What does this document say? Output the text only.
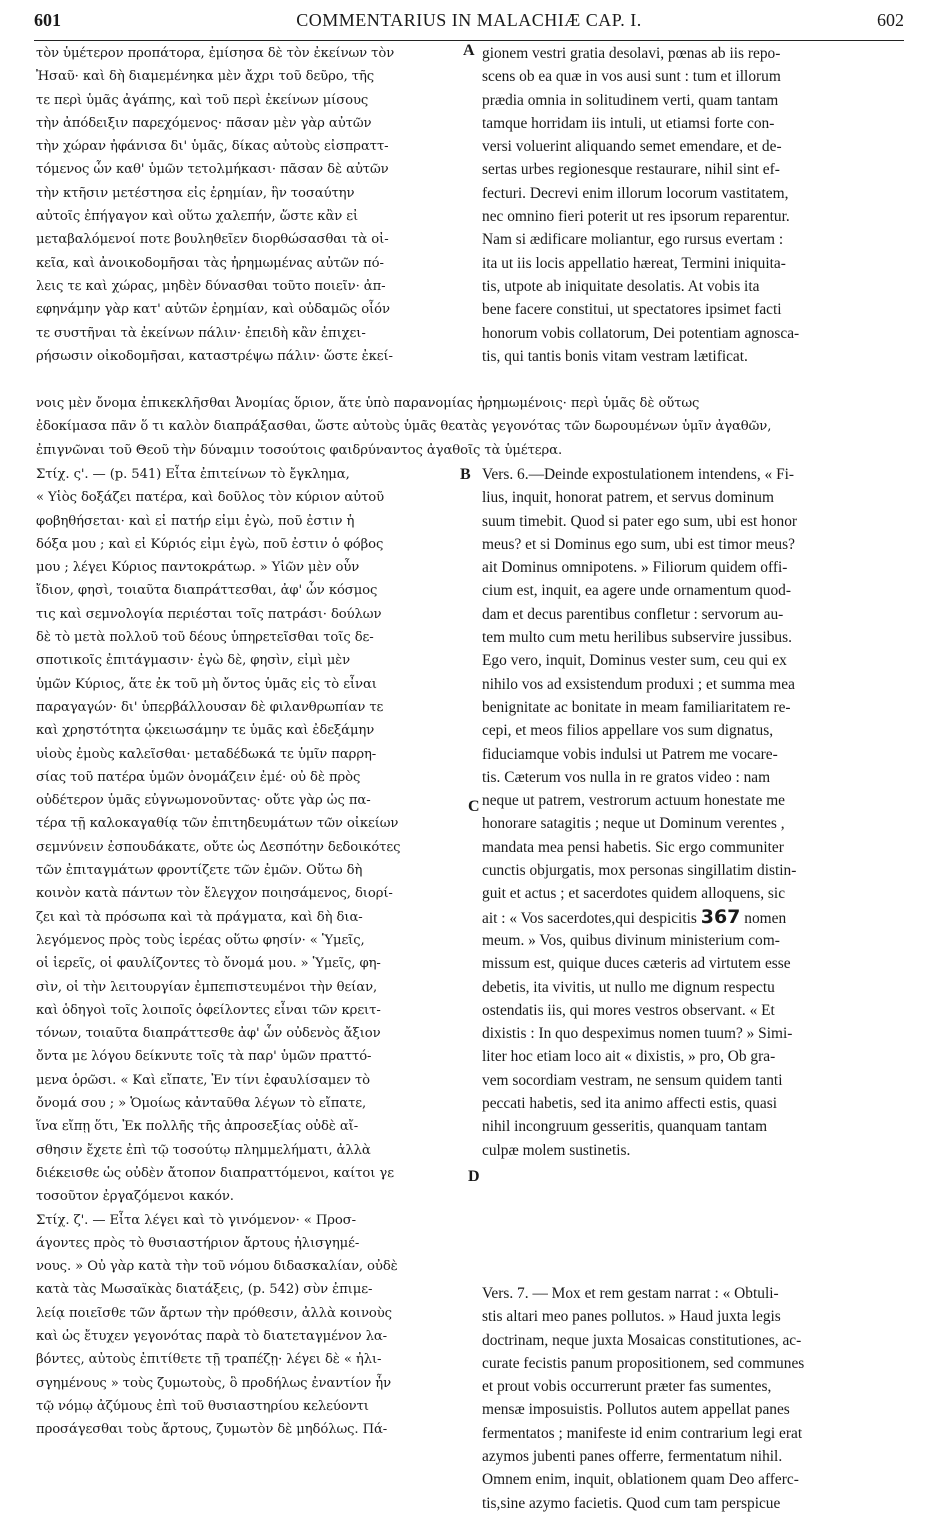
601	COMMENTARIUS IN MALACHIÆ CAP. I.	602
τὸν ὑμέτερον προπάτορα, ἐμίσησα δὲ τὸν ἐκείνων τὸν
Ἠσαῦ· καὶ δὴ διαμεμένηκα μὲν ἄχρι τοῦ δεῦρο, τῆς
τε περὶ ὑμᾶς ἀγάπης, καὶ τοῦ περὶ ἐκείνων μίσους
τὴν ἀπόδειξιν παρεχόμενος· πᾶσαν μὲν γὰρ αὐτῶν
τὴν χώραν ἠφάνισα δι' ὑμᾶς, δίκας αὐτοὺς εἰσπραττ-
τόμενος ὧν καθ' ὑμῶν τετολμήκασι· πᾶσαν δὲ αὐτῶν
τὴν κτῆσιν μετέστησα εἰς ἐρημίαν, ἣν τοσαύτην
αὐτοῖς ἐπήγαγον καὶ οὕτω χαλεπήν, ὥστε κἂν εἰ
μεταβαλόμενοί ποτε βουληθεῖεν διορθώσασθαι τὰ οἰ-
κεῖα, καὶ ἀνοικοδομῆσαι τὰς ἠρημωμένας αὐτῶν πό-
λεις τε καὶ χώρας, μηδὲν δύνασθαι τοῦτο ποιεῖν· ἀπ-
εφηνάμην γὰρ κατ' αὐτῶν ἐρημίαν, καὶ οὐδαμῶς οἷόν
τε συστῆναι τὰ ἐκείνων πάλιν· ἐπειδὴ κἂν ἐπιχει-
ρήσωσιν οἰκοδομῆσαι, καταστρέψω πάλιν· ὥστε ἐκεί-
gionem vestri gratia desolavi, pœnas ab iis repo-
scens ob ea quæ in vos ausi sunt : tum et illorum
prædia omnia in solitudinem verti, quam tantam
tamque horridam iis intuli, ut etiamsi forte con-
versi voluerint aliquando semet emendare, et de-
sertas urbes regionesque restaurare, nihil sint ef-
fecturi. Decrevi enim illorum locorum vastitatem,
nec omnino fieri poterit ut res ipsorum reparentur.
Nam si ædificare moliantur, ego rursus evertam :
ita ut iis locis appellatio hæreat, Termini iniquita-
tis, utpote ab iniquitate desolatis. At vobis ita
bene facere constitui, ut spectatores ipsimet facti
honorum vobis collatorum, Dei potentiam agnosca-
tis, qui tantis bonis vitam vestram lætificat.
νοις μὲν ὄνομα ἐπικεκλῆσθαι Ἀνομίας ὅριον, ἅτε ὑπὸ παρανομίας ἠρημωμένοις· περὶ ὑμᾶς δὲ οὕτως
ἐδοκίμασα πᾶν ὅ τι καλὸν διαπράξασθαι, ὥστε αὐτοὺς ὑμᾶς θεατὰς γεγονότας τῶν δωρουμένων ὑμῖν ἀγαθῶν,
ἐπιγνῶναι τοῦ Θεοῦ τὴν δύναμιν τοσούτοις φαιδρύναντος ἀγαθοῖς τὰ ὑμέτερα.
Στίχ. ς'. — (p. 541) Εἶτα ἐπιτείνων τὸ ἔγκλημα,
« Υἱὸς δοξάζει πατέρα, καὶ δοῦλος τὸν κύριον αὐτοῦ
φοβηθήσεται· καὶ εἰ πατήρ εἰμι ἐγὼ, ποῦ ἐστιν ἡ
δόξα μου ; καὶ εἰ Κύριός εἰμι ἐγὼ, ποῦ ἐστιν ὁ φόβος
μου ; λέγει Κύριος παντοκράτωρ. » Υἱῶν μὲν οὖν
ἴδιον, φησὶ, τοιαῦτα διαπράττεσθαι, ἀφ' ὧν κόσμος
τις καὶ σεμνολογία περιέσται τοῖς πατράσι· δούλων
δὲ τὸ μετὰ πολλοῦ τοῦ δέους ὑπηρετεῖσθαι τοῖς δε-
σποτικοῖς ἐπιτάγμασιν· ἐγὼ δὲ, φησὶν, εἰμὶ μὲν
ὑμῶν Κύριος, ἅτε ἐκ τοῦ μὴ ὄντος ὑμᾶς εἰς τὸ εἶναι
παραγαγών· δι' ὑπερβάλλουσαν δὲ φιλανθρωπίαν τε
καὶ χρηστότητα ᾠκειωσάμην τε ὑμᾶς καὶ ἐδεξάμην
υἱοὺς ἐμοὺς καλεῖσθαι· μεταδέδωκά τε ὑμῖν παρρη-
σίας τοῦ πατέρα ὑμῶν ὀνομάζειν ἐμέ· οὐ δὲ πρὸς
οὐδέτερον ὑμᾶς εὐγνωμονοῦντας· οὔτε γὰρ ὡς πα-
τέρα τῇ καλοκαγαθίᾳ τῶν ἐπιτηδευμάτων τῶν οἰκείων
σεμνύνειν ἐσπουδάκατε, οὔτε ὡς Δεσπότην δεδοικότες
τῶν ἐπιταγμάτων φροντίζετε τῶν ἐμῶν. Οὕτω δὴ
κοινὸν κατὰ πάντων τὸν ἔλεγχον ποιησάμενος, διορί-
ζει καὶ τὰ πρόσωπα καὶ τὰ πράγματα, καὶ δὴ δια-
λεγόμενος πρὸς τοὺς ἱερέας οὕτω φησίν· « Ὑμεῖς,
οἱ ἱερεῖς, οἱ φαυλίζοντες τὸ ὄνομά μου. » Ὑμεῖς, φη-
σὶν, οἱ τὴν λειτουργίαν ἐμπεπιστευμένοι τὴν θείαν,
καὶ ὁδηγοὶ τοῖς λοιποῖς ὀφείλοντες εἶναι τῶν κρειτ-
τόνων, τοιαῦτα διαπράττεσθε ἀφ' ὧν οὐδενὸς ἄξιον
ὄντα με λόγου δείκνυτε τοῖς τὰ παρ' ὑμῶν πραττό-
μενα ὁρῶσι. « Καὶ εἴπατε, Ἐν τίνι ἐφαυλίσαμεν τὸ
ὄνομά σου ; » Ὁμοίως κἀνταῦθα λέγων τὸ εἴπατε,
ἵνα εἴπῃ ὅτι, Ἐκ πολλῆς τῆς ἀπροσεξίας οὐδὲ αἴ-
σθησιν ἔχετε ἐπὶ τῷ τοσούτῳ πλημμελήματι, ἀλλὰ
διέκεισθε ὡς οὐδὲν ἄτοπον διαπραττόμενοι, καίτοι γε
τοσοῦτον ἐργαζόμενοι κακόν.
Στίχ. ζ'. — Εἶτα λέγει καὶ τὸ γινόμενον· « Προσ-
άγοντες πρὸς τὸ θυσιαστήριον ἄρτους ἠλισγημέ-
νους. » Οὐ γὰρ κατὰ τὴν τοῦ νόμου διδασκαλίαν, οὐδὲ
κατὰ τὰς Μωσαϊκὰς διατάξεις, (p. 542) σὺν ἐπιμε-
λείᾳ ποιεῖσθε τῶν ἄρτων τὴν πρόθεσιν, ἀλλὰ κοινοὺς
καὶ ὡς ἔτυχεν γεγονότας παρὰ τὸ διατεταγμένον λα-
βόντες, αὐτοὺς ἐπιτίθετε τῇ τραπέζῃ· λέγει δὲ « ἠλι-
σγημένους » τοὺς ζυμωτοὺς, ὃ προδήλως ἐναντίον ἦν
τῷ νόμῳ ἀζύμους ἐπὶ τοῦ θυσιαστηρίου κελεύοντι
προσάγεσθαι τοὺς ἄρτους, ζυμωτὸν δὲ μηδόλως. Πά-
Vers. 6.—Deinde expostulationem intendens, « Fi-
lius, inquit, honorat patrem, et servus dominum
suum timebit. Quod si pater ego sum, ubi est honor
meus? et si Dominus ego sum, ubi est timor meus?
ait Dominus omnipotens. » Filiorum quidem offi-
cium est, inquit, ea agere unde ornamentum quod-
dam et decus parentibus confletur : servorum au-
tem multo cum metu herilibus subservire jussibus.
Ego vero, inquit, Dominus vester sum, ceu qui ex
nihilo vos ad exsistendum produxi ; et summa mea
benignitate ac bonitate in meam familiaritatem re-
cepi, et meos filios appellare vos sum dignatus,
fiduciamque vobis indulsi ut Patrem me vocare-
tis. Cæterum vos nulla in re gratos video : nam
neque ut patrem, vestrorum actuum honestate me
honorare satagitis ; neque ut Dominum verentes ,
mandata mea pensi habetis. Sic ergo communiter
cunctis objurgatis, mox personas singillatim distin-
guit et actus ; et sacerdotes quidem alloquens, sic
ait : « Vos sacerdotes,qui despicitis 367 nomen
meum. » Vos, quibus divinum ministerium com-
missum est, quique duces cæteris ad virtutem esse
debetis, ita vivitis, ut nullo me dignum respectu
ostendatis iis, qui mores vestros observant. « Et
dixistis : In quo despeximus nomen tuum? » Simi-
liter hoc etiam loco ait « dixistis, » pro, Ob gra-
vem socordiam vestram, ne sensum quidem tanti
peccati habetis, sed ita animo affecti estis, quasi
nihil incongruum gesseritis, quanquam tantam
culpæ molem sustinetis.
Vers. 7. — Mox et rem gestam narrat : « Obtuli-
stis altari meo panes pollutos. » Haud juxta legis
doctrinam, neque juxta Mosaicas constitutiones, ac-
curate fecistis panum propositionem, sed communes
et prout vobis occurrerunt præter fas sumentes,
mensæ imposuistis. Pollutos autem appellat panes
fermentatos ; manifeste id enim contrarium legi erat
azymos jubenti panes offerre, fermentatum nihil.
Omnem enim, inquit, oblationem quam Deo afferc-
tis,sine azymo facietis. Quod cum tam perspicue
A
B
C
D
